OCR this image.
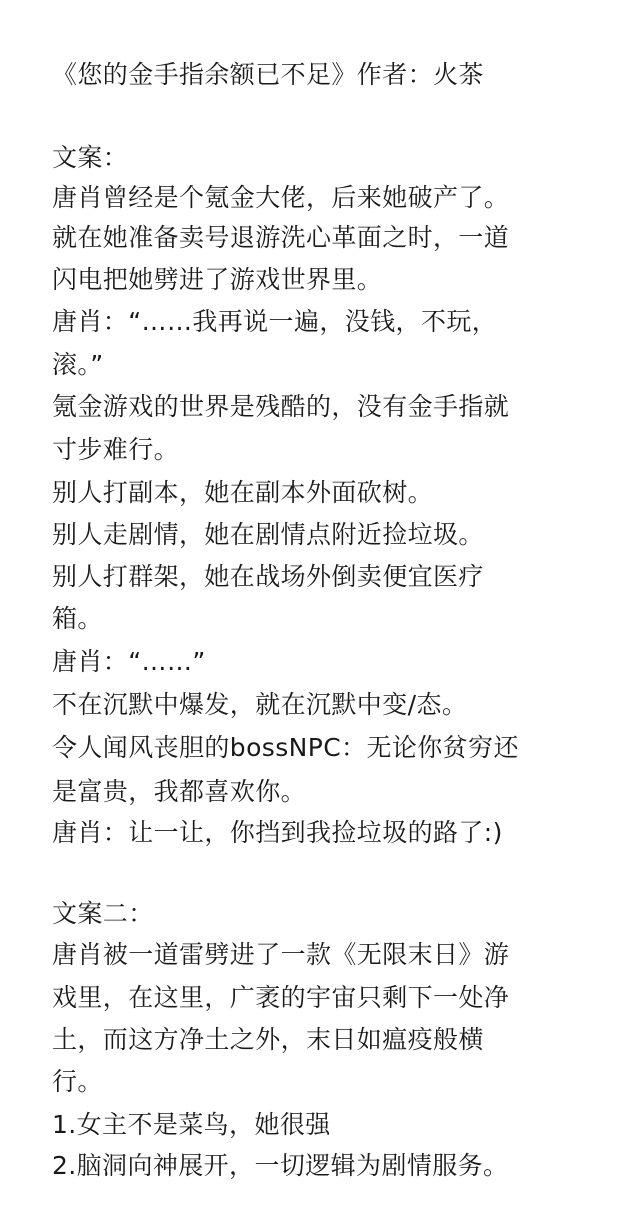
《您的金手指余额已不足》作者：火茶
文案：
唐肖曾经是个氪金大佬，后来她破产了。
就在她准备卖号退游洗心革面之时，一道
闪电把她劈进了游戏世界里。
唐肖：“……我再说一遍，没钱，不玩，
滚。”
氪金游戏的世界是残酷的，没有金手指就
寸步难行。
别人打副本，她在副本外面砍树。
别人走剧情，她在剧情点附近捡垃圾。
别人打群架，她在战场外倒卖便宜医疗
箱。
唐肖：“……”
不在沉默中爆发，就在沉默中变/态。
令人闻风丧胆的bossNPC：无论你贫穷还
是富贵，我都喜欢你。
唐肖：让一让，你挡到我捡垃圾的路了:)
文案二：
唐肖被一道雷劈进了一款《无限末日》游
戏里，在这里，广袤的宇宙只剩下一处净
土，而这方净土之外，末日如瘟疫般横
行。
1.女主不是菜鸟，她很强
2.脑洞向神展开，一切逻辑为剧情服务。
